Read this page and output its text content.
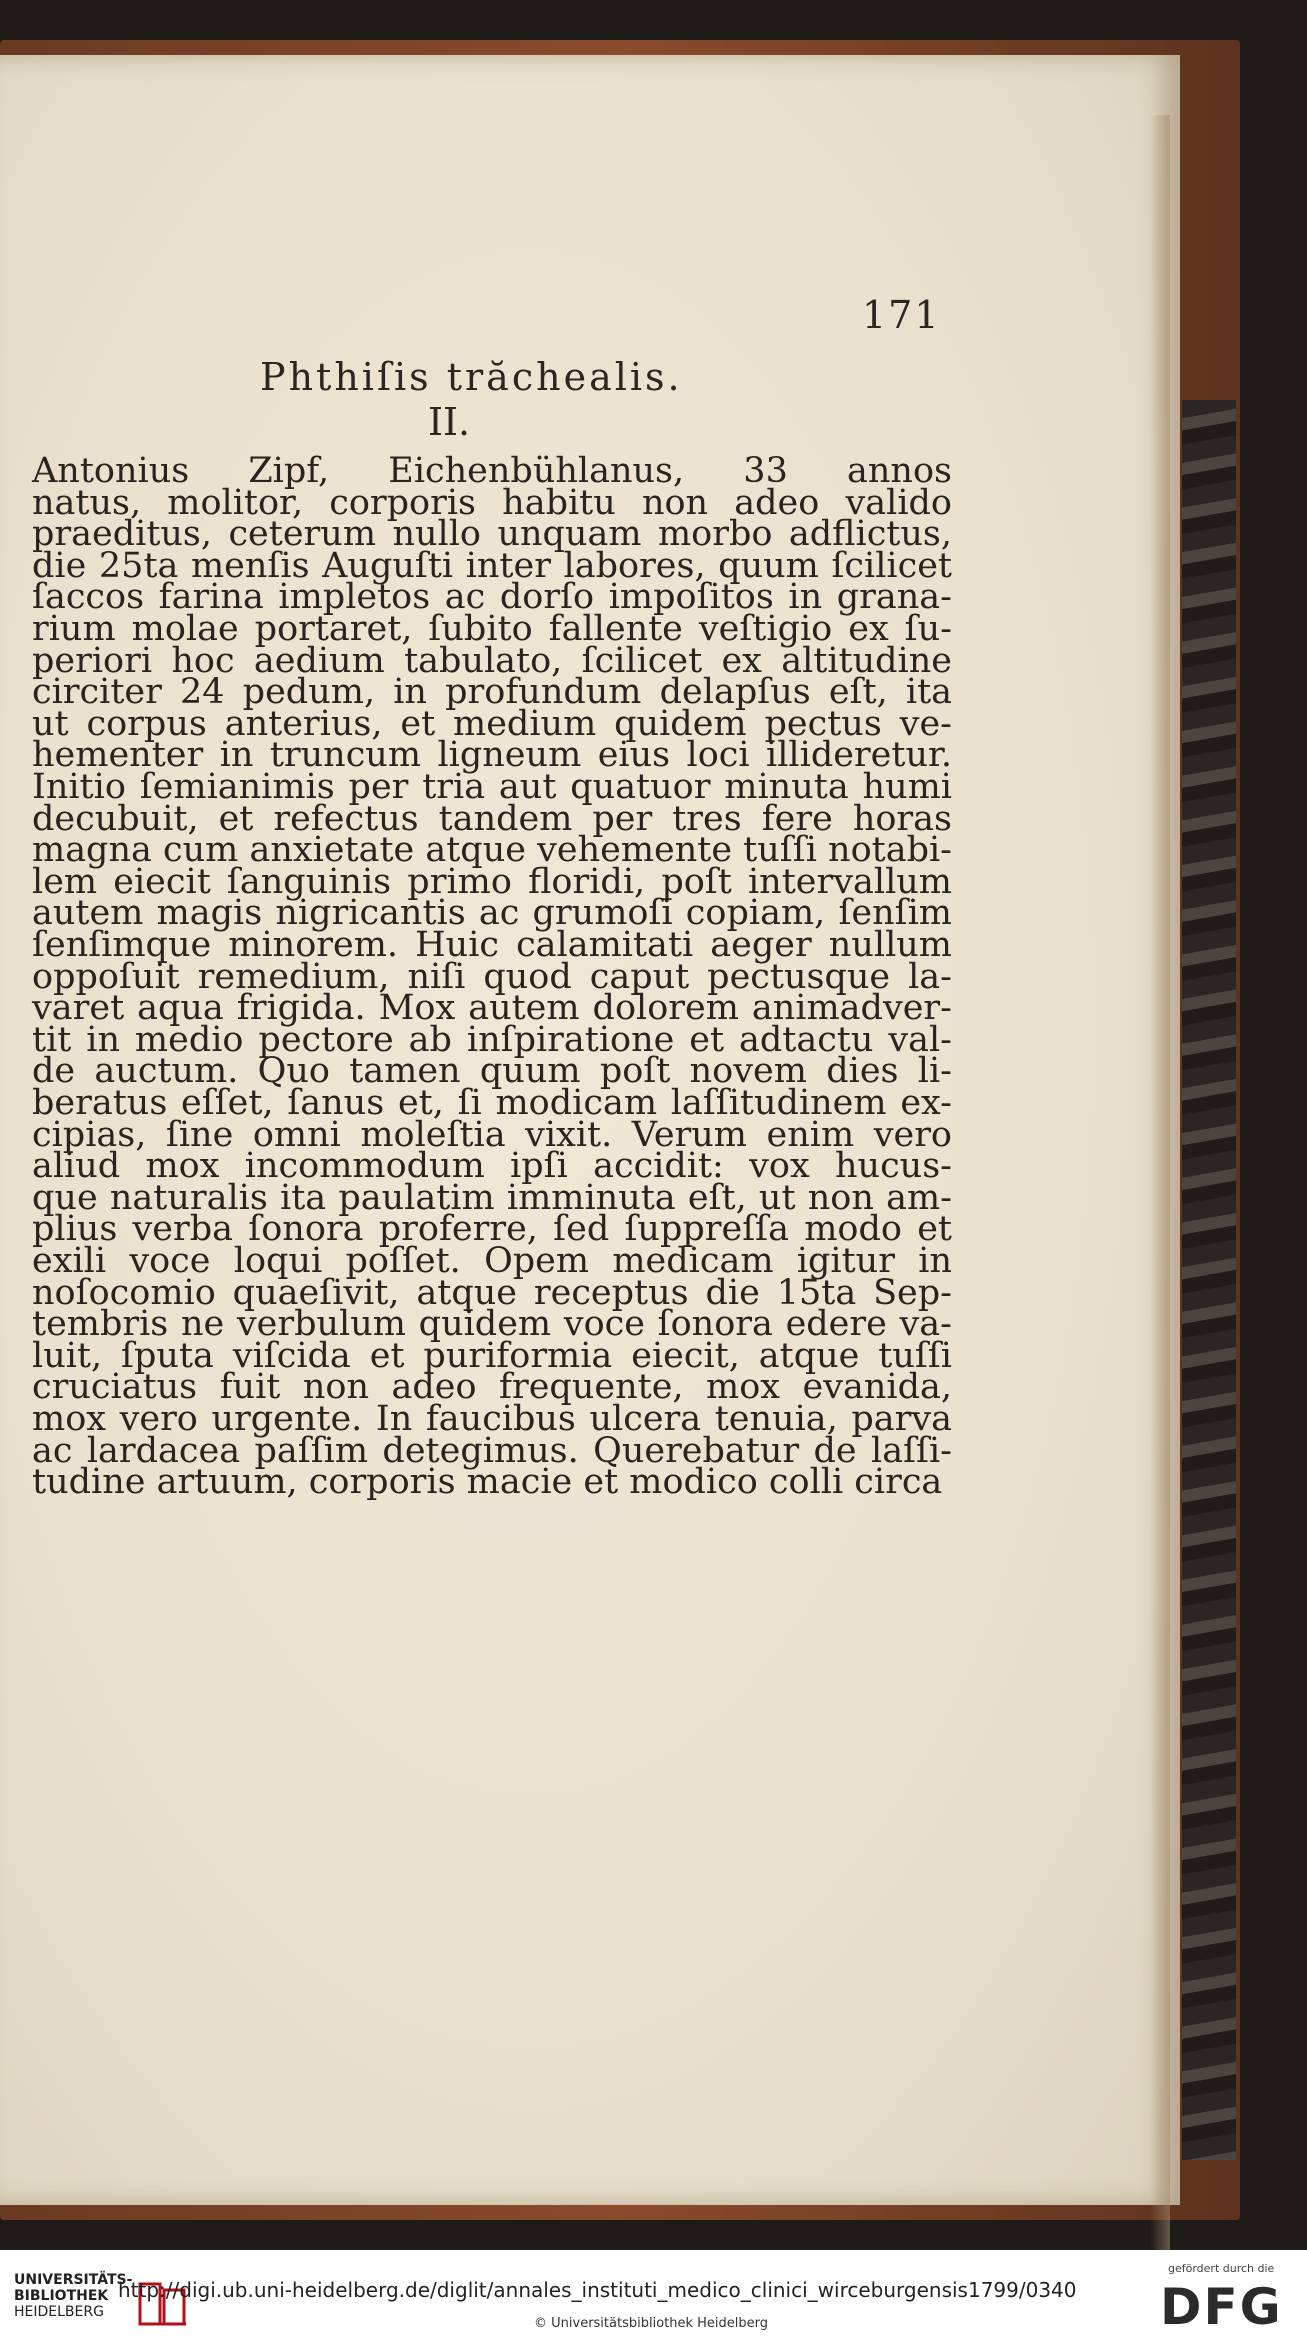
171
Phthiſis trăchealis.
II.
Antonius Zipf, Eichenbühlanus, 33 annos
natus, molitor, corporis habitu non adeo valido
praeditus, ceterum nullo unquam morbo adflictus,
die 25ta menſis Auguſti inter labores, quum ſcilicet
ſaccos farina impletos ac dorſo impoſitos in grana-
rium molae portaret, ſubito fallente veſtigio ex ſu-
periori hoc aedium tabulato, ſcilicet ex altitudine
circiter 24 pedum, in profundum delapſus eſt, ita
ut corpus anterius, et medium quidem pectus ve-
hementer in truncum ligneum eius loci illideretur.
Initio ſemianimis per tria aut quatuor minuta humi
decubuit, et refectus tandem per tres fere horas
magna cum anxietate atque vehemente tuſſi notabi-
lem eiecit ſanguinis primo floridi, poſt intervallum
autem magis nigricantis ac grumoſi copiam, ſenſim
ſenſimque minorem. Huic calamitati aeger nullum
oppoſuit remedium, niſi quod caput pectusque la-
varet aqua frigida. Mox autem dolorem animadver-
tit in medio pectore ab inſpiratione et adtactu val-
de auctum. Quo tamen quum poſt novem dies li-
beratus eſſet, ſanus et, ſi modicam laſſitudinem ex-
cipias, ſine omni moleſtia vixit. Verum enim vero
aliud mox incommodum ipſi accidit: vox hucus-
que naturalis ita paulatim imminuta eſt, ut non am-
plius verba ſonora proferre, ſed ſuppreſſa modo et
exili voce loqui poſſet. Opem medicam igitur in
noſocomio quaeſivit, atque receptus die 15ta Sep-
tembris ne verbulum quidem voce ſonora edere va-
luit, ſputa viſcida et puriformia eiecit, atque tuſſi
cruciatus fuit non adeo frequente, mox evanida,
mox vero urgente. In faucibus ulcera tenuia, parva
ac lardacea paſſim detegimus. Querebatur de laſſi-
tudine artuum, corporis macie et modico colli circa
UNIVERSITÄTS-
BIBLIOTHEK
HEIDELBERG
http://digi.ub.uni-heidelberg.de/diglit/annales_instituti_medico_clinici_wirceburgensis1799/0340
© Universitätsbibliothek Heidelberg
gefördert durch die
DFG
